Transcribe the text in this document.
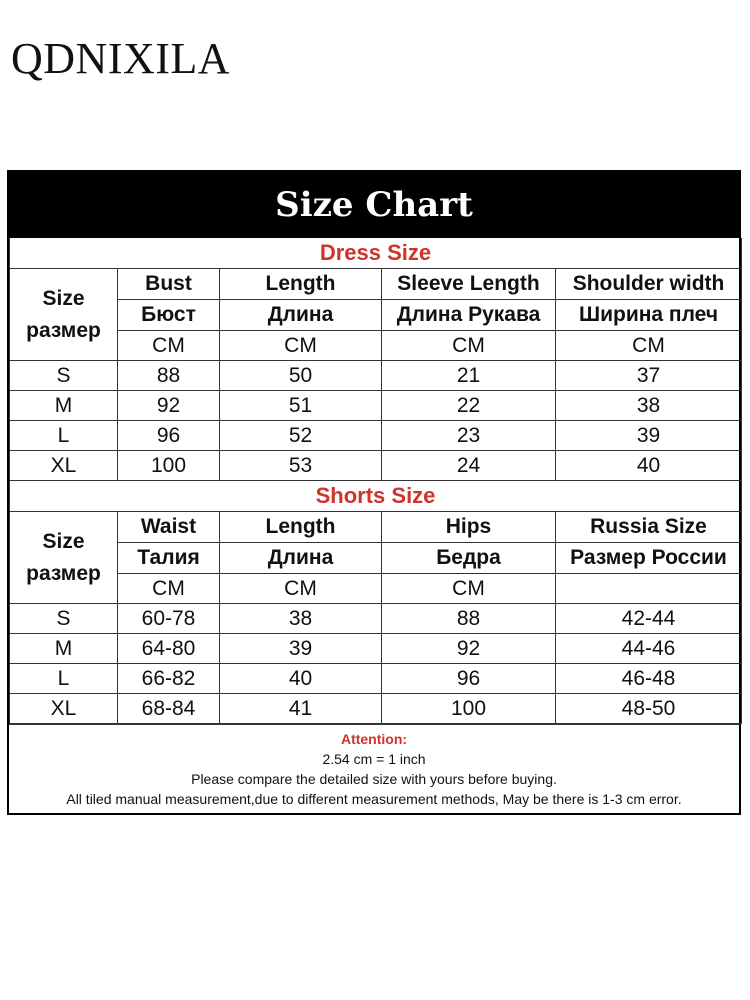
QDNIXILA
Size Chart
Dress Size				

Size
размер	Bust	Length	Sleeve Length	Shoulder width
	Бюст	Длина	Длина Рукава	Ширина плеч
	CM	CM	CM	CM
S	88	50	21	37
M	92	51	22	38
L	96	52	23	39
XL	100	53	24	40
Shorts Size				

Size
размер	Waist	Length	Hips	Russia Size
	Талия	Длина	Бедра	Размер России
	CM	CM	CM	
S	60-78	38	88	42-44
M	64-80	39	92	44-46
L	66-82	40	96	46-48
XL	68-84	41	100	48-50
Attention:
2.54 cm = 1 inch
Please compare the detailed size with yours before buying.
All tiled manual measurement,due to different measurement methods, May be there is 1-3 cm error.
